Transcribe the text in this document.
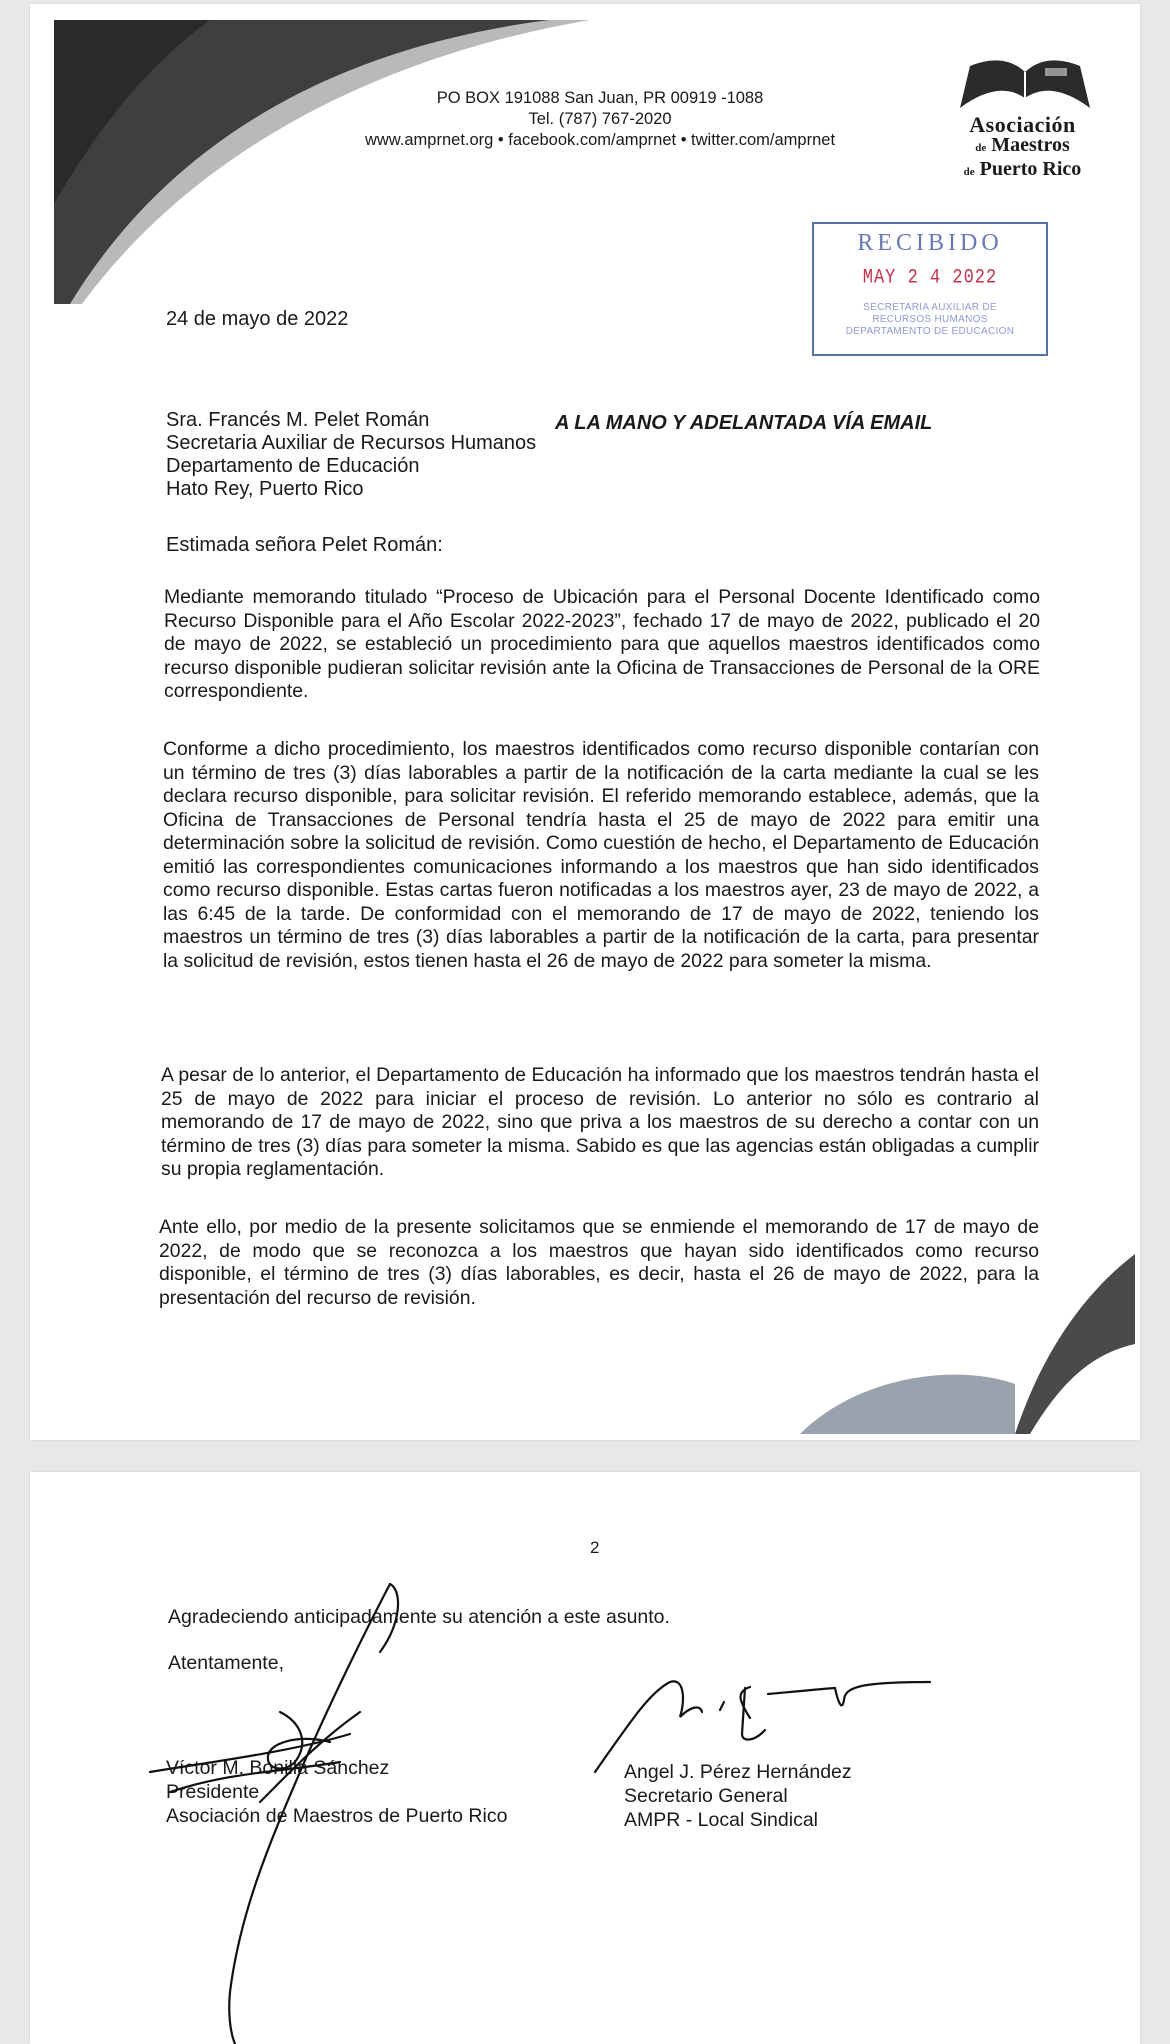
PO BOX 191088 San Juan, PR 00919 -1088
Tel. (787) 767-2020
www.amprnet.org • facebook.com/amprnet • twitter.com/amprnet
Asociación
de Maestros
de Puerto Rico
RECIBIDO
MAY 2 4 2022
SECRETARIA AUXILIAR DE
RECURSOS HUMANOS
DEPARTAMENTO DE EDUCACION
24 de mayo de 2022
Sra. Francés M. Pelet Román
Secretaria Auxiliar de Recursos Humanos
Departamento de Educación
Hato Rey, Puerto Rico
A LA MANO Y ADELANTADA VÍA EMAIL
Estimada señora Pelet Román:
Mediante memorando titulado “Proceso de Ubicación para el Personal Docente Identificado como Recurso Disponible para el Año Escolar 2022-2023”, fechado 17 de mayo de 2022, publicado el 20 de mayo de 2022, se estableció un procedimiento para que aquellos maestros identificados como recurso disponible pudieran solicitar revisión ante la Oficina de Transacciones de Personal de la ORE correspondiente.
Conforme a dicho procedimiento, los maestros identificados como recurso disponible contarían con un término de tres (3) días laborables a partir de la notificación de la carta mediante la cual se les declara recurso disponible, para solicitar revisión. El referido memorando establece, además, que la Oficina de Transacciones de Personal tendría hasta el 25 de mayo de 2022 para emitir una determinación sobre la solicitud de revisión. Como cuestión de hecho, el Departamento de Educación emitió las correspondientes comunicaciones informando a los maestros que han sido identificados como recurso disponible. Estas cartas fueron notificadas a los maestros ayer, 23 de mayo de 2022, a las 6:45 de la tarde. De conformidad con el memorando de 17 de mayo de 2022, teniendo los maestros un término de tres (3) días laborables a partir de la notificación de la carta, para presentar la solicitud de revisión, estos tienen hasta el 26 de mayo de 2022 para someter la misma.
A pesar de lo anterior, el Departamento de Educación ha informado que los maestros tendrán hasta el 25 de mayo de 2022 para iniciar el proceso de revisión. Lo anterior no sólo es contrario al memorando de 17 de mayo de 2022, sino que priva a los maestros de su derecho a contar con un término de tres (3) días para someter la misma. Sabido es que las agencias están obligadas a cumplir su propia reglamentación.
Ante ello, por medio de la presente solicitamos que se enmiende el memorando de 17 de mayo de 2022, de modo que se reconozca a los maestros que hayan sido identificados como recurso disponible, el término de tres (3) días laborables, es decir, hasta el 26 de mayo de 2022, para la presentación del recurso de revisión.
2
Agradeciendo anticipadamente su atención a este asunto.
Atentamente,
Víctor M. Bonilla Sánchez
Presidente
Asociación de Maestros de Puerto Rico
Angel J. Pérez Hernández
Secretario General
AMPR - Local Sindical
